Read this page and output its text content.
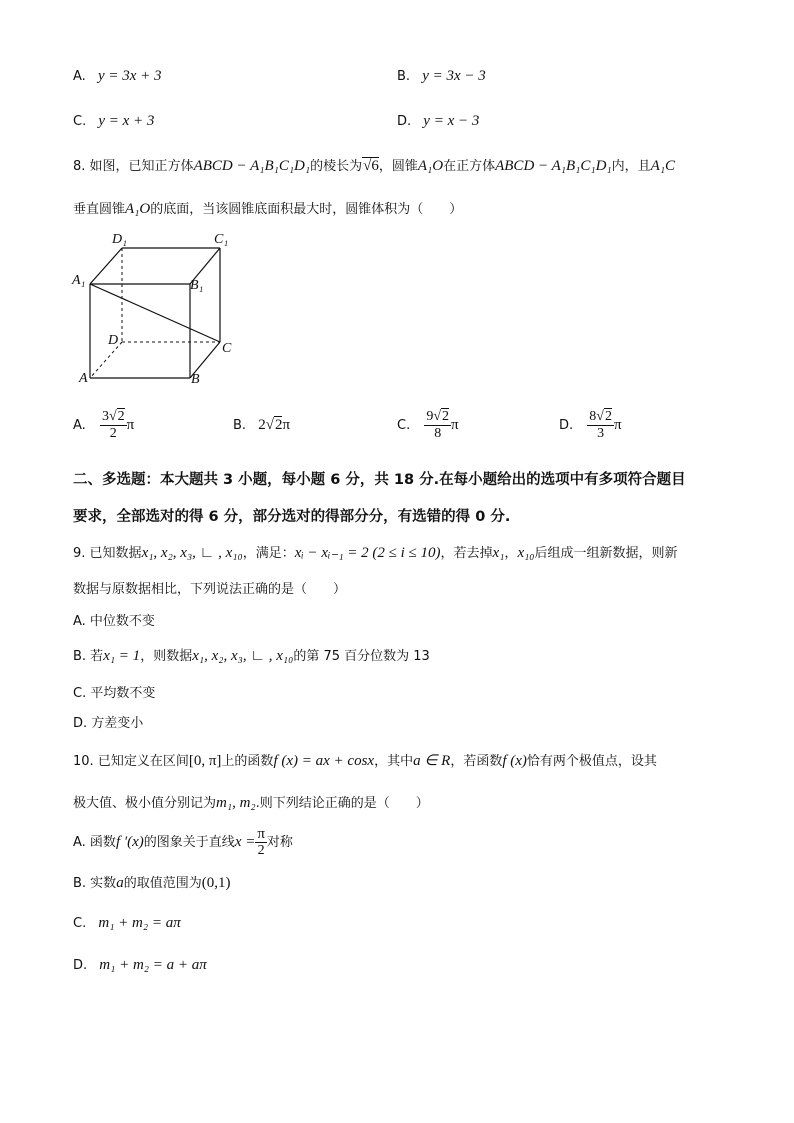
A. y = 3x + 3	B. y = 3x − 3
C. y = x + 3	D. y = x − 3
8. 如图，已知正方体ABCD − A₁B₁C₁D₁的棱长为√6，圆锥A₁O在正方体ABCD − A₁B₁C₁D₁内，且A₁C
垂直圆锥A₁O的底面，当该圆锥底面积最大时，圆锥体积为（　　）
D₁	C₁
A₁	B₁
D
C
A	B
A. $\frac{3√2}{2}$ π	B. 2√2π	C. $\frac{9√2}{8}$ π	D. $\frac{8√2}{3}$ π
二、多选题：本大题共 3 小题，每小题 6 分，共 18 分.在每小题给出的选项中有多项符合题目
要求，全部选对的得 6 分，部分选对的得部分分，有选错的得 0 分.
9. 已知数据x₁, x₂, x₃, ∟ , x₁₀，满足：xᵢ − xᵢ₋₁ = 2 (2 ≤ i ≤ 10)，若去掉x₁，x₁₀后组成一组新数据，则新
数据与原数据相比，下列说法正确的是（　　）
A. 中位数不变
B. 若x₁ = 1，则数据x₁, x₂, x₃, ∟ , x₁₀的第 75 百分位数为 13
C. 平均数不变
D. 方差变小
10. 已知定义在区间[0, π]上的函数f (x) = ax + cosx，其中a ∈ R，若函数f (x)恰有两个极值点，设其
极大值、极小值分别记为m₁, m₂.则下列结论正确的是（　　）
A. 函数f ′(x)的图象关于直线$x = \frac{\pi}{2}$ 对称
B. 实数a的取值范围为(0,1)
C. m₁ + m₂ = aπ
D. m₁ + m₂ = a + aπ
